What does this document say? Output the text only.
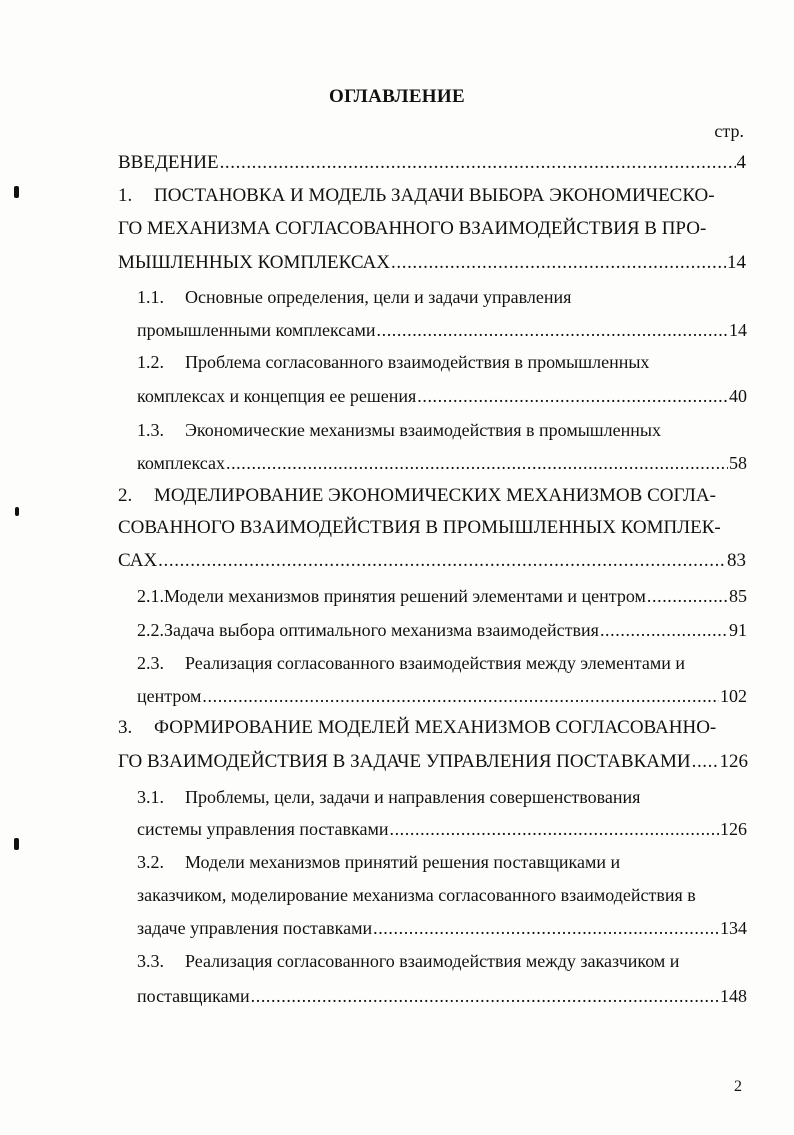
ОГЛАВЛЕНИЕ
стр.
ВВЕДЕНИЕ .....	4
1.	ПОСТАНОВКА И МОДЕЛЬ ЗАДАЧИ ВЫБОРА ЭКОНОМИЧЕСКО-
ГО МЕХАНИЗМА СОГЛАСОВАННОГО ВЗАИМОДЕЙСТВИЯ В ПРО-
МЫШЛЕННЫХ КОМПЛЕКСАХ .....	14
1.1.	Основные определения, цели и задачи управления
промышленными комплексами .....	14
1.2.	Проблема согласованного взаимодействия в промышленных
комплексах и концепция ее решения .....	40
1.3.	Экономические механизмы взаимодействия в промышленных
комплексах .....	58
2.	МОДЕЛИРОВАНИЕ ЭКОНОМИЧЕСКИХ МЕХАНИЗМОВ СОГЛА-
СОВАННОГО ВЗАИМОДЕЙСТВИЯ В ПРОМЫШЛЕННЫХ КОМПЛЕК-
САХ .....	83
2.1. Модели механизмов принятия решений элементами и центром .....	85
2.2. Задача выбора оптимального механизма взаимодействия .....	91
2.3.	Реализация согласованного взаимодействия между элементами и
центром .....	102
3.	ФОРМИРОВАНИЕ МОДЕЛЕЙ МЕХАНИЗМОВ СОГЛАСОВАННО-
ГО ВЗАИМОДЕЙСТВИЯ В ЗАДАЧЕ УПРАВЛЕНИЯ ПОСТАВКАМИ ..... 126
3.1.	Проблемы, цели, задачи и направления совершенствования
системы управления поставками .....	126
3.2.	Модели механизмов принятий решения поставщиками и
заказчиком, моделирование механизма согласованного взаимодействия в
задаче управления поставками .....	134
3.3.	Реализация согласованного взаимодействия между заказчиком и
поставщиками .....	148
2
